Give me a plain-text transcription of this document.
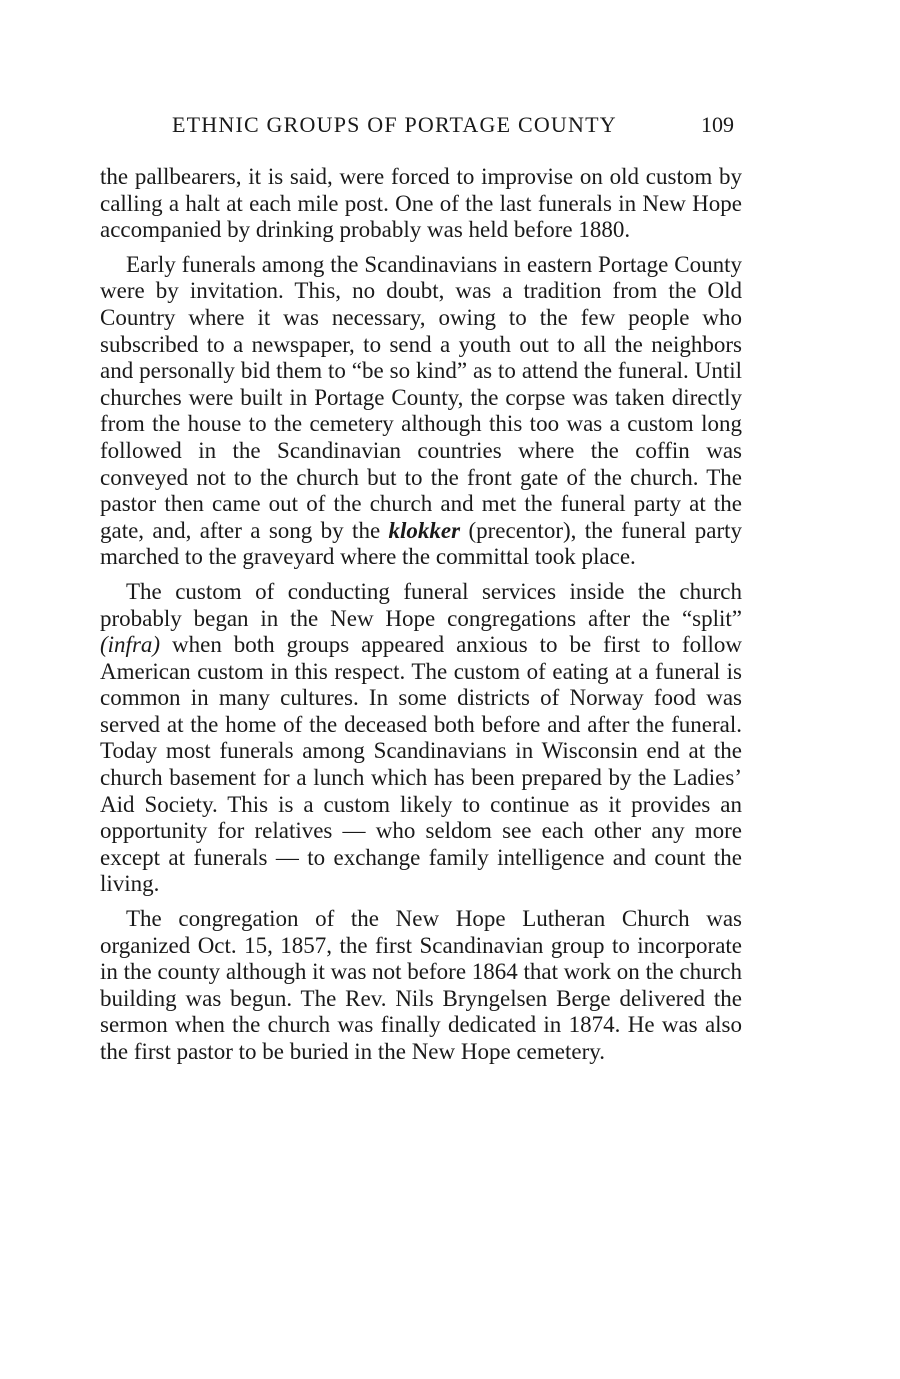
ETHNIC GROUPS OF PORTAGE COUNTY	109

the pallbearers, it is said, were forced to improvise on old custom by calling a halt at each mile post. One of the last funerals in New Hope accompanied by drinking probably was held before 1880.

Early funerals among the Scandinavians in eastern Portage County were by invitation. This, no doubt, was a tradition from the Old Country where it was necessary, owing to the few people who subscribed to a newspaper, to send a youth out to all the neighbors and personally bid them to “be so kind” as to attend the funeral. Until churches were built in Portage County, the corpse was taken directly from the house to the cemetery although this too was a custom long followed in the Scandinavian countries where the coffin was conveyed not to the church but to the front gate of the church. The pastor then came out of the church and met the funeral party at the gate, and, after a song by the klokker (precentor), the funeral party marched to the graveyard where the committal took place.

The custom of conducting funeral services inside the church probably began in the New Hope congregations after the “split” (infra) when both groups appeared anxious to be first to follow American custom in this respect. The custom of eating at a funeral is common in many cultures. In some districts of Norway food was served at the home of the deceased both before and after the funeral. Today most funerals among Scandinavians in Wisconsin end at the church basement for a lunch which has been prepared by the Ladies’ Aid Society. This is a custom likely to continue as it provides an opportunity for relatives — who seldom see each other any more except at funerals — to exchange family intelligence and count the living.

The congregation of the New Hope Lutheran Church was organized Oct. 15, 1857, the first Scandinavian group to incorporate in the county although it was not before 1864 that work on the church building was begun. The Rev. Nils Bryngelsen Berge delivered the sermon when the church was finally dedicated in 1874. He was also the first pastor to be buried in the New Hope cemetery.
